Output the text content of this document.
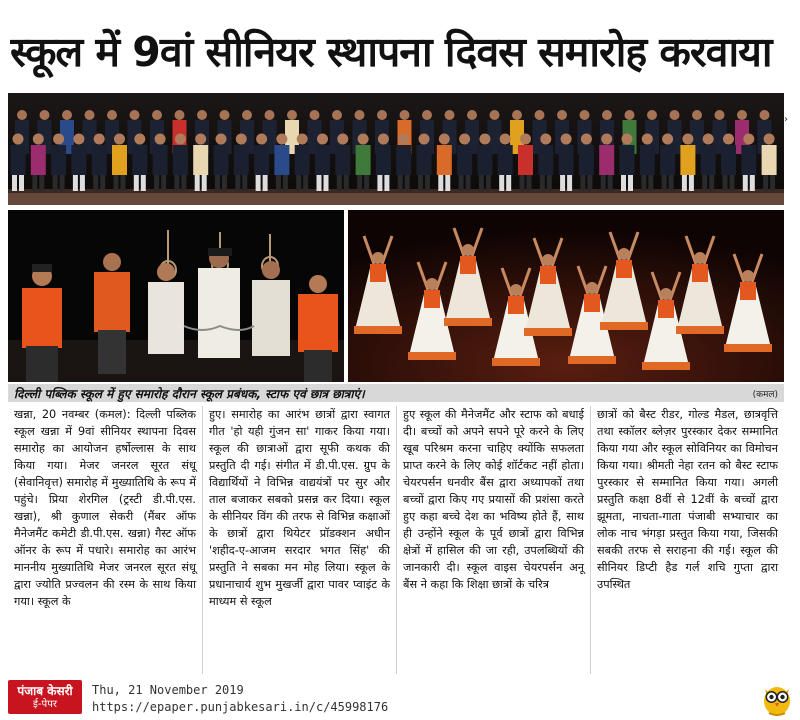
स्कूल में 9वां सीनियर स्थापना दिवस समारोह करवाया
›
दिल्ली पब्लिक स्कूल में हुए समारोह दौरान स्कूल प्रबंधक, स्टाफ एवं छात्र छात्राएं।	(कमल)
खन्ना, 20 नवम्बर (कमल): दिल्ली पब्लिक स्कूल खन्ना में 9वां सीनियर स्थापना दिवस समारोह का आयोजन हर्षोल्लास के साथ किया गया। मेजर जनरल सूरत संधू (सेवानिवृत्त) समारोह में मुख्यातिथि के रूप में पहुंचे। प्रिया शेरगिल (ट्रस्टी डी.पी.एस. खन्ना), श्री कुणाल सेकरी (मैंबर ऑफ मैनेजमैंट कमेटी डी.पी.एस. खन्ना) गैस्ट ऑफ ऑनर के रूप में पधारे। समारोह का आरंभ माननीय मुख्यातिथि मेजर जनरल सूरत संधू द्वारा ज्योति प्रज्वलन की रस्म के साथ किया गया। स्कूल के
हुए। समारोह का आरंभ छात्रों द्वारा स्वागत गीत 'हो यही गुंजन सा' गाकर किया गया। स्कूल की छात्राओं द्वारा सूफी कथक की प्रस्तुति दी गई। संगीत में डी.पी.एस. ग्रुप के विद्यार्थियों ने विभिन्न वाद्ययंत्रों पर सुर और ताल बजाकर सबको प्रसन्न कर दिया। स्कूल के सीनियर विंग की तरफ से विभिन्न कक्षाओं के छात्रों द्वारा थियेटर प्रॉडक्शन अधीन 'शहीद-ए-आजम सरदार भगत सिंह' की प्रस्तुति ने सबका मन मोह लिया। स्कूल के प्रधानाचार्य शुभ मुखर्जी द्वारा पावर प्वाइंट के माध्यम से स्कूल
हुए स्कूल की मैनेजमैंट और स्टाफ को बधाई दी। बच्चों को अपने सपने पूरे करने के लिए खूब परिश्रम करना चाहिए क्योंकि सफलता प्राप्त करने के लिए कोई शॉर्टकट नहीं होता। चेयरपर्सन धनवीर बैंस द्वारा अध्यापकों तथा बच्चों द्वारा किए गए प्रयासों की प्रशंसा करते हुए कहा बच्चे देश का भविष्य होते हैं, साथ ही उन्होंने स्कूल के पूर्व छात्रों द्वारा विभिन्न क्षेत्रों में हासिल की जा रही, उपलब्धियों की जानकारी दी। स्कूल वाइस चेयरपर्सन अनू बैंस ने कहा कि शिक्षा छात्रों के चरित्र
छात्रों को बैस्ट रीडर, गोल्ड मैडल, छात्रवृत्ति तथा स्कॉलर ब्लेज़र पुरस्कार देकर सम्मानित किया गया और स्कूल सोविनियर का विमोचन किया गया। श्रीमती नेहा रतन को बैस्ट स्टाफ पुरस्कार से सम्मानित किया गया। अगली प्रस्तुति कक्षा 8वीं से 12वीं के बच्चों द्वारा झूमता, नाचता-गाता पंजाबी सभ्याचार का लोक नाच भंगड़ा प्रस्तुत किया गया, जिसकी सबकी तरफ से सराहना की गई। स्कूल की सीनियर डिप्टी हैड गर्ल शचि गुप्ता द्वारा उपस्थित
पंजाब केसरी
ई-पेपर
Thu, 21 November 2019
https://epaper.punjabkesari.in/c/45998176
